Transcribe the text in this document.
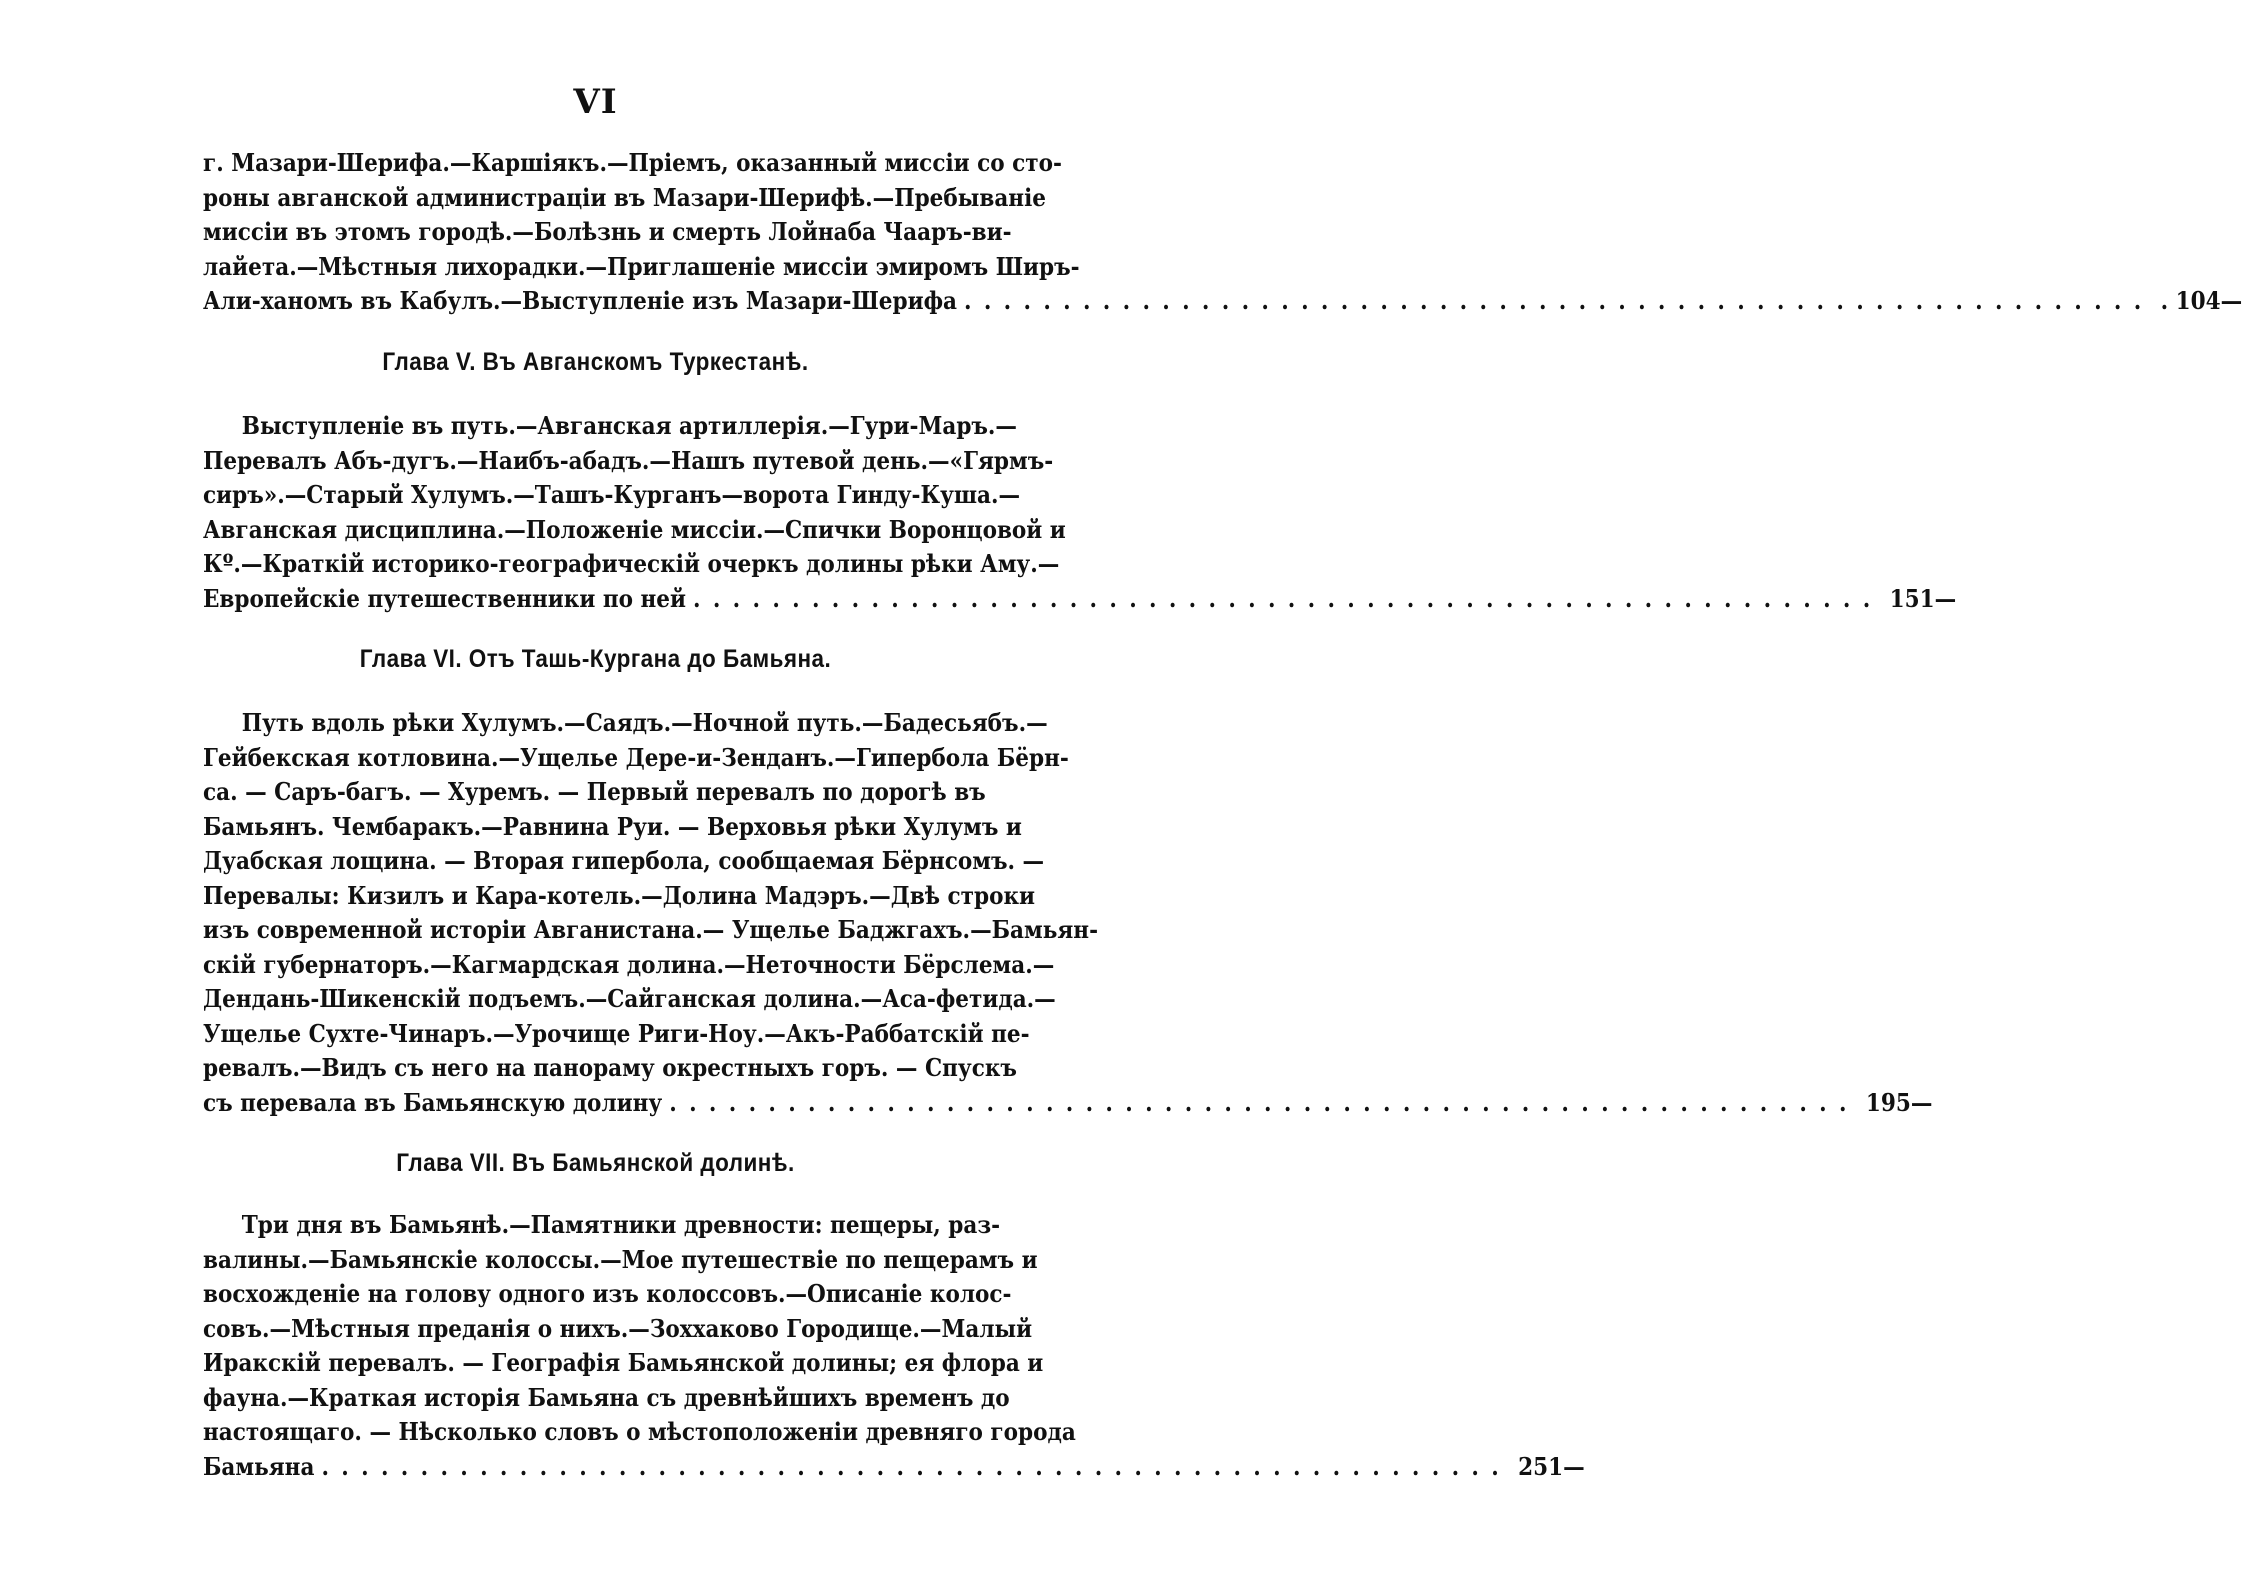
VI
г. Мазари-Шерифа.—Каршіякъ.—Пріемъ, оказанный миссіи со сто-
роны авганской администраціи въ Мазари-Шерифѣ.—Пребываніе
миссіи въ этомъ городѣ.—Болѣзнь и смерть Лойнаба Чааръ-ви-
лайета.—Мѣстныя лихорадки.—Приглашеніе миссіи эмиромъ Ширъ-
Али-ханомъ въ Кабулъ.—Выступленіе изъ Мазари-Шерифа ............................................................ . 104—
Глава V. Въ Авганскомъ Туркестанѣ.
Выступленіе въ путь.—Авганская артиллерія.—Гури-Маръ.—
Перевалъ Абъ-дугъ.—Наибъ-абадъ.—Нашъ путевой день.—«Гярмъ-
сиръ».—Старый Хулумъ.—Ташъ-Курганъ—ворота Гинду-Куша.—
Авганская дисциплина.—Положеніе миссіи.—Спички Воронцовой и
Кº.—Краткій историко-географическій очеркъ долины рѣки Аму.—
Европейскіе путешественники по ней ............................................................ 151—
Глава VI. Отъ Ташь-Кургана до Бамьяна.
Путь вдоль рѣки Хулумъ.—Саядъ.—Ночной путь.—Бадесьябъ.—
Гейбекская котловина.—Ущелье Дере-и-Зенданъ.—Гипербола Бёрн-
са. — Саръ-багъ. — Хуремъ. — Первый перевалъ по дорогѣ въ
Бамьянъ. Чембаракъ.—Равнина Руи. — Верховья рѣки Хулумъ и
Дуабская лощина. — Вторая гипербола, сообщаемая Бёрнсомъ. —
Перевалы: Кизилъ и Кара-котель.—Долина Мадэръ.—Двѣ строки
изъ современной исторіи Авганистана.— Ущелье Баджгахъ.—Бамьян-
скій губернаторъ.—Кагмардская долина.—Неточности Бёрслема.—
Дендань-Шикенскій подъемъ.—Сайганская долина.—Аса-фетида.—
Ущелье Сухте-Чинаръ.—Урочище Риги-Ноу.—Акъ-Раббатскій пе-
ревалъ.—Видъ съ него на панораму окрестныхъ горъ. — Спускъ
съ перевала въ Бамьянскую долину ............................................................ 195—
Глава VII. Въ Бамьянской долинѣ.
Три дня въ Бамьянѣ.—Памятники древности: пещеры, раз-
валины.—Бамьянскіе колоссы.—Мое путешествіе по пещерамъ и
восхожденіе на голову одного изъ колоссовъ.—Описаніе колос-
совъ.—Мѣстныя преданія о нихъ.—Зоххаково Городище.—Малый
Иракскій перевалъ. — Географія Бамьянской долины; ея флора и
фауна.—Краткая исторія Бамьяна съ древнѣйшихъ временъ до
настоящаго. — Нѣсколько словъ о мѣстоположеніи древняго города
Бамьяна ............................................................ 251—
